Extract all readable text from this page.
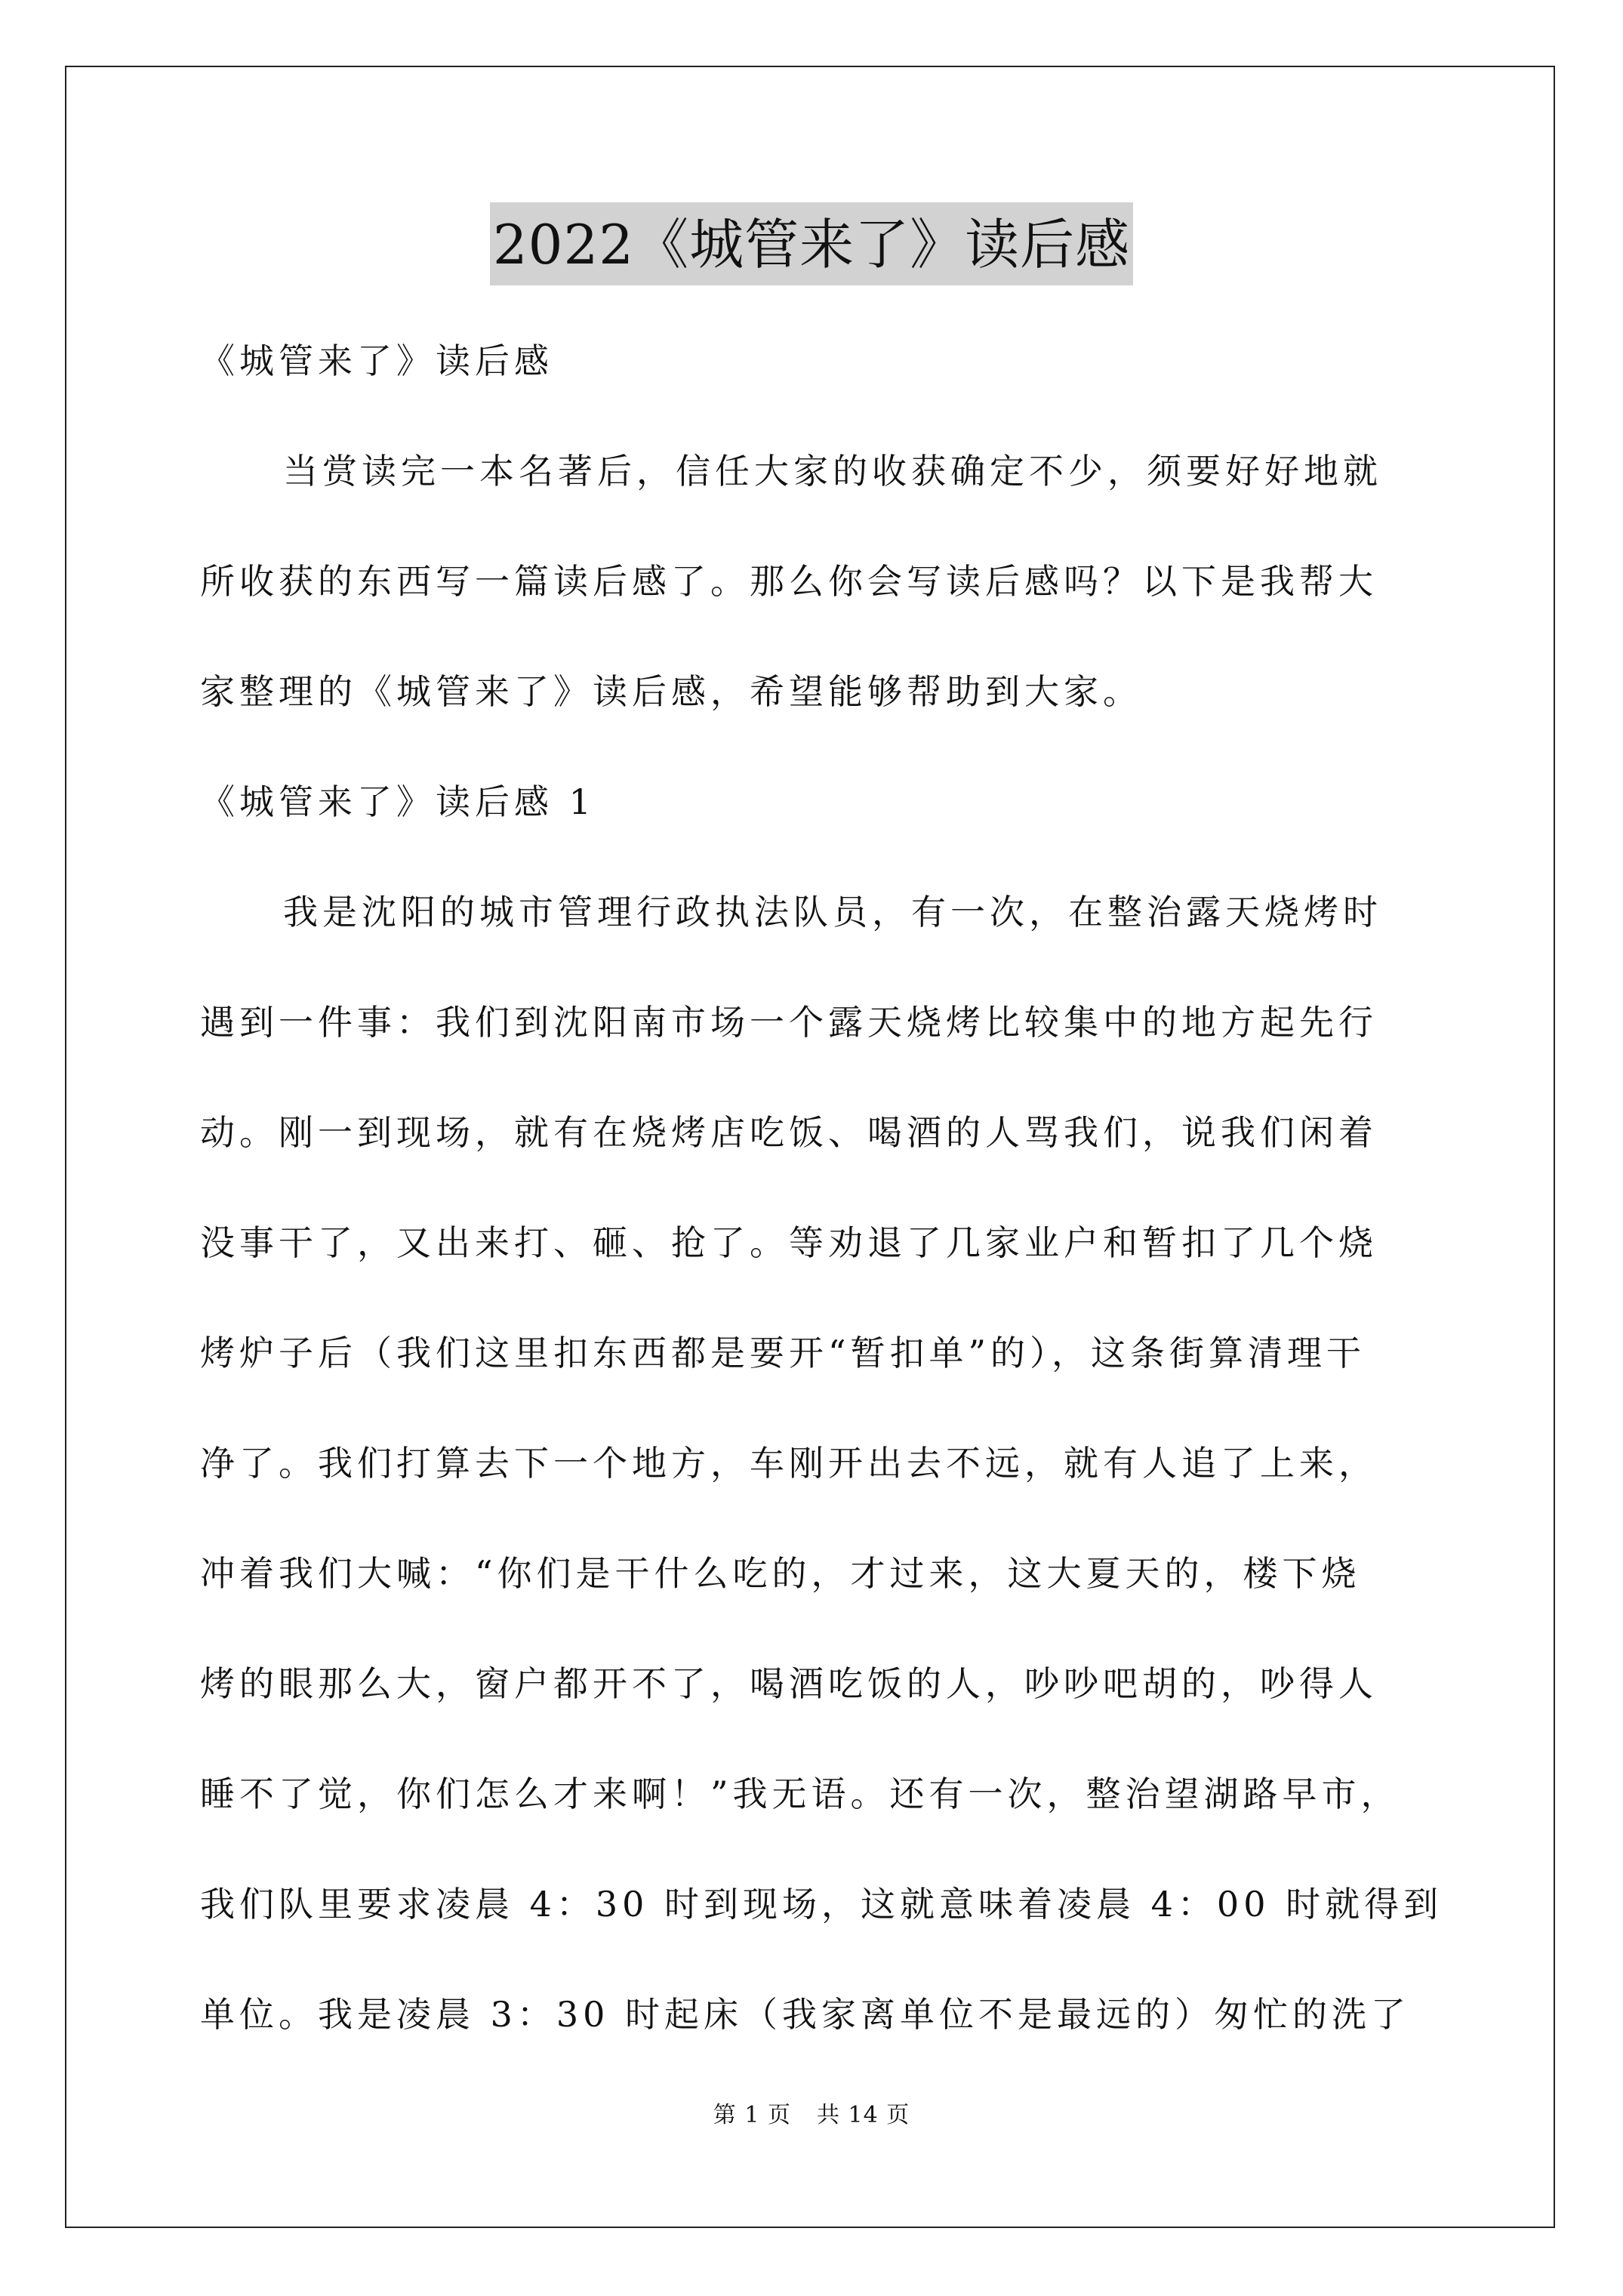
2022《城管来了》读后感

《城管来了》读后感

当赏读完一本名著后，信任大家的收获确定不少，须要好好地就

所收获的东西写一篇读后感了。那么你会写读后感吗？以下是我帮大

家整理的《城管来了》读后感，希望能够帮助到大家。

《城管来了》读后感 1

我是沈阳的城市管理行政执法队员，有一次，在整治露天烧烤时

遇到一件事：我们到沈阳南市场一个露天烧烤比较集中的地方起先行

动。刚一到现场，就有在烧烤店吃饭、喝酒的人骂我们，说我们闲着

没事干了，又出来打、砸、抢了。等劝退了几家业户和暂扣了几个烧

烤炉子后（我们这里扣东西都是要开“暂扣单”的），这条街算清理干

净了。我们打算去下一个地方，车刚开出去不远，就有人追了上来，

冲着我们大喊：“你们是干什么吃的，才过来，这大夏天的，楼下烧

烤的眼那么大，窗户都开不了，喝酒吃饭的人，吵吵吧胡的，吵得人

睡不了觉，你们怎么才来啊！”我无语。还有一次，整治望湖路早市，

我们队里要求凌晨 4：30 时到现场，这就意味着凌晨 4：00 时就得到

单位。我是凌晨 3：30 时起床（我家离单位不是最远的）匆忙的洗了

第 1 页 共 14 页
